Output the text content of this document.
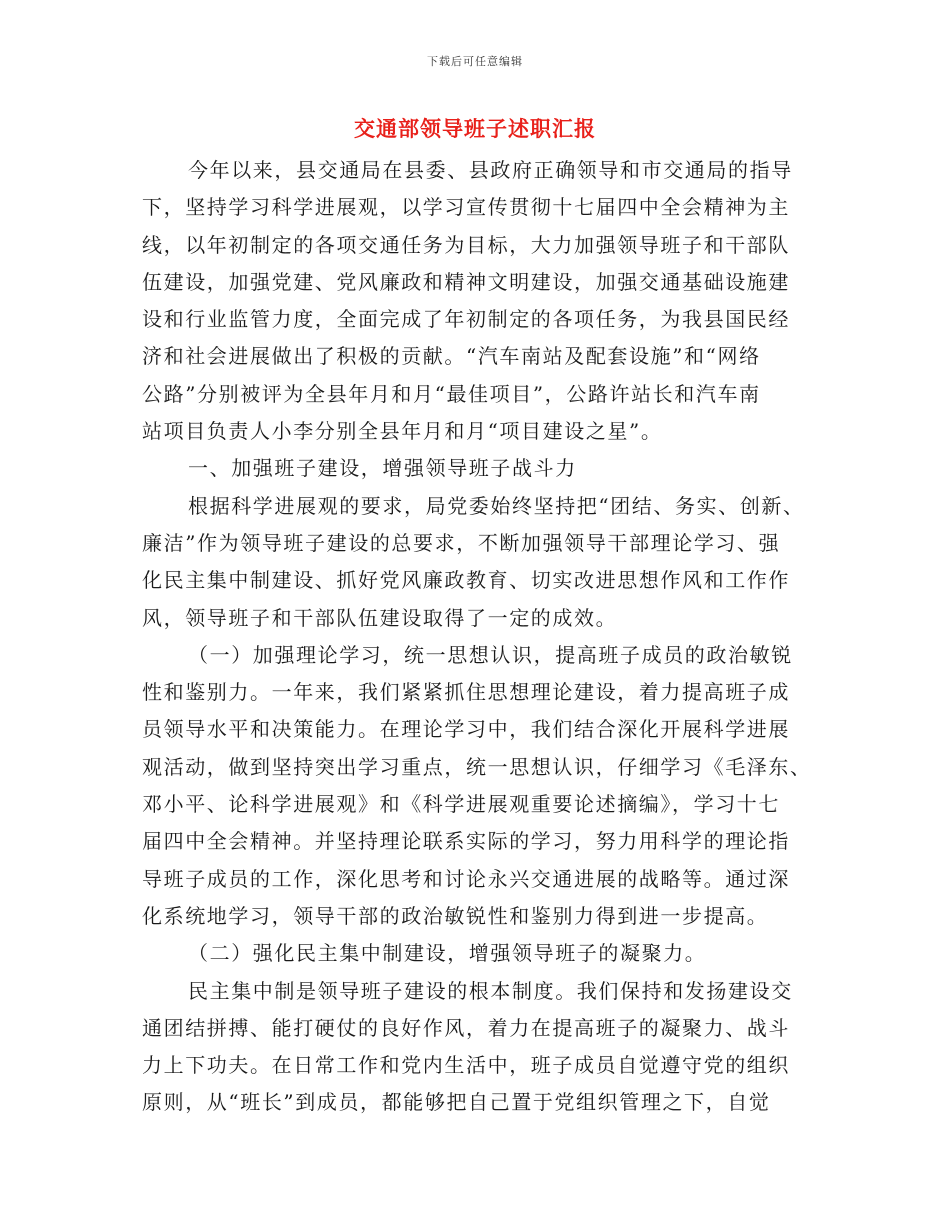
下载后可任意编辑
交通部领导班子述职汇报
今年以来，县交通局在县委、县政府正确领导和市交通局的指导
下，坚持学习科学进展观，以学习宣传贯彻十七届四中全会精神为主
线，以年初制定的各项交通任务为目标，大力加强领导班子和干部队
伍建设，加强党建、党风廉政和精神文明建设，加强交通基础设施建
设和行业监管力度，全面完成了年初制定的各项任务，为我县国民经
济和社会进展做出了积极的贡献。“汽车南站及配套设施”和“网络
公路”分别被评为全县年月和月“最佳项目”，公路许站长和汽车南
站项目负责人小李分别全县年月和月“项目建设之星”。
一、加强班子建设，增强领导班子战斗力
根据科学进展观的要求，局党委始终坚持把“团结、务实、创新、
廉洁”作为领导班子建设的总要求，不断加强领导干部理论学习、强
化民主集中制建设、抓好党风廉政教育、切实改进思想作风和工作作
风，领导班子和干部队伍建设取得了一定的成效。
（一）加强理论学习，统一思想认识，提高班子成员的政治敏锐
性和鉴别力。一年来，我们紧紧抓住思想理论建设，着力提高班子成
员领导水平和决策能力。在理论学习中，我们结合深化开展科学进展
观活动，做到坚持突出学习重点，统一思想认识，仔细学习《毛泽东、
邓小平、论科学进展观》和《科学进展观重要论述摘编》，学习十七
届四中全会精神。并坚持理论联系实际的学习，努力用科学的理论指
导班子成员的工作，深化思考和讨论永兴交通进展的战略等。通过深
化系统地学习，领导干部的政治敏锐性和鉴别力得到进一步提高。
（二）强化民主集中制建设，增强领导班子的凝聚力。
民主集中制是领导班子建设的根本制度。我们保持和发扬建设交
通团结拼搏、能打硬仗的良好作风，着力在提高班子的凝聚力、战斗
力上下功夫。在日常工作和党内生活中，班子成员自觉遵守党的组织
原则，从“班长”到成员，都能够把自己置于党组织管理之下，自觉
